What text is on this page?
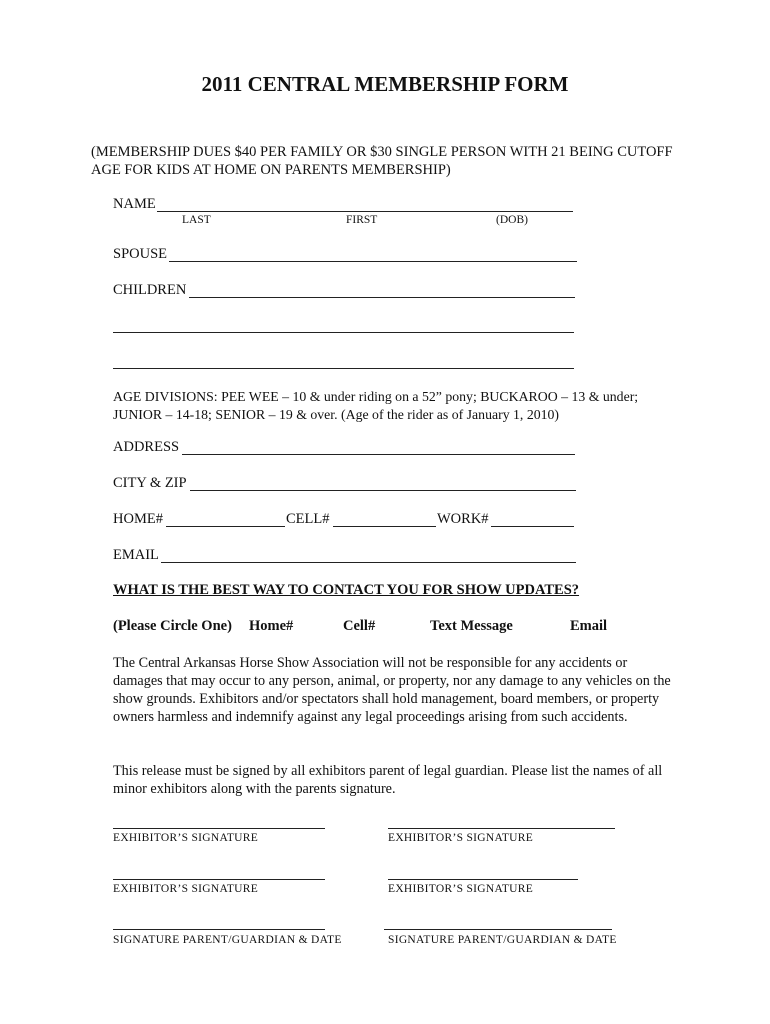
2011 CENTRAL MEMBERSHIP FORM
(MEMBERSHIP DUES $40 PER FAMILY OR $30 SINGLE PERSON WITH 21 BEING CUTOFF AGE FOR KIDS AT HOME ON PARENTS MEMBERSHIP)
NAME
LAST	FIRST	(DOB)
SPOUSE
CHILDREN
AGE DIVISIONS: PEE WEE – 10 & under riding on a 52” pony; BUCKAROO – 13 & under; JUNIOR – 14-18; SENIOR – 19 & over. (Age of the rider as of January 1, 2010)
ADDRESS
CITY & ZIP
HOME#	CELL#	WORK#
EMAIL
WHAT IS THE BEST WAY TO CONTACT YOU FOR SHOW UPDATES?
(Please Circle One) Home#	Cell#	Text Message	Email
The Central Arkansas Horse Show Association will not be responsible for any accidents or damages that may occur to any person, animal, or property, nor any damage to any vehicles on the show grounds. Exhibitors and/or spectators shall hold management, board members, or property owners harmless and indemnify against any legal proceedings arising from such accidents.
This release must be signed by all exhibitors parent of legal guardian. Please list the names of all minor exhibitors along with the parents signature.
EXHIBITOR’S SIGNATURE	EXHIBITOR’S SIGNATURE
EXHIBITOR’S SIGNATURE	EXHIBITOR’S SIGNATURE
SIGNATURE PARENT/GUARDIAN & DATE	SIGNATURE PARENT/GUARDIAN & DATE
